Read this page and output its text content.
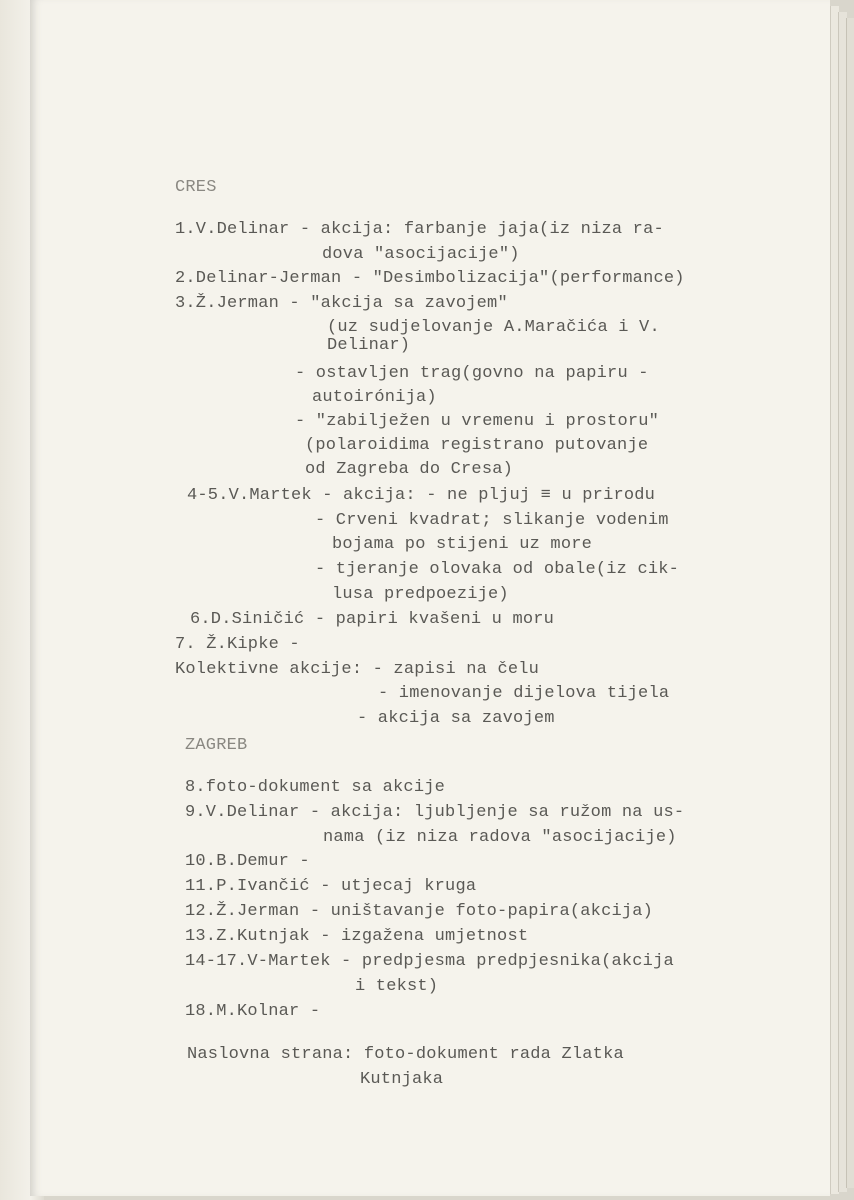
CRES
1.V.Delinar - akcija: farbanje jaja(iz niza ra-
dova "asocijacije")
2.Delinar-Jerman - "Desimbolizacija"(performance)
3.Ž.Jerman - "akcija sa zavojem"
(uz sudjelovanje A.Maračića i V.
Delinar)
- ostavljen trag(govno na papiru -
autoirónija)
- "zabilježen u vremenu i prostoru"
(polaroidima registrano putovanje
od Zagreba do Cresa)
4-5.V.Martek - akcija: - ne pljuj ≡ u prirodu
- Crveni kvadrat; slikanje vodenim
bojama po stijeni uz more
- tjeranje olovaka od obale(iz cik-
lusa predpoezije)
6.D.Siničić - papiri kvašeni u moru
7. Ž.Kipke -
Kolektivne akcije: - zapisi na čelu
- imenovanje dijelova tijela
- akcija sa zavojem
ZAGREB
8.foto-dokument sa akcije
9.V.Delinar - akcija: ljubljenje sa ružom na us-
nama (iz niza radova "asocijacije)
10.B.Demur -
11.P.Ivančić - utjecaj kruga
12.Ž.Jerman - uništavanje foto-papira(akcija)
13.Z.Kutnjak - izgažena umjetnost
14-17.V-Martek - predpjesma predpjesnika(akcija
i tekst)
18.M.Kolnar -
Naslovna strana: foto-dokument rada Zlatka
Kutnjaka
